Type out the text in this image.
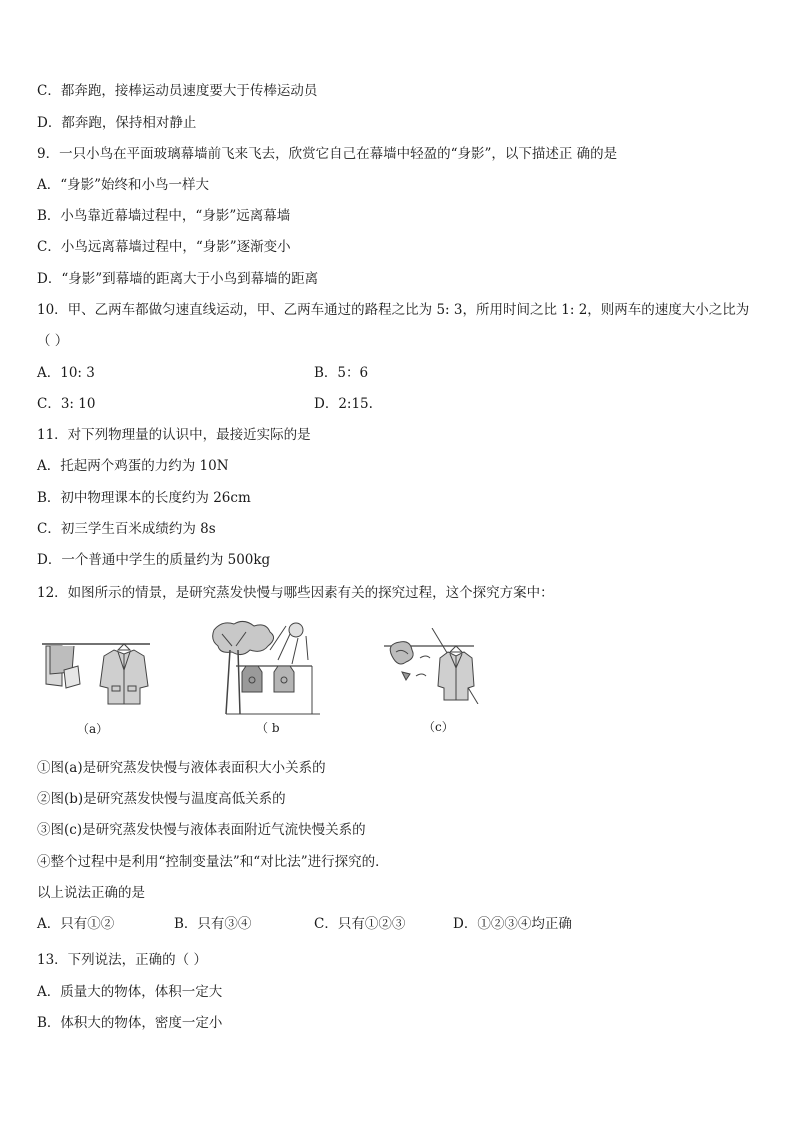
C．都奔跑，接棒运动员速度要大于传棒运动员
D．都奔跑，保持相对静止
9．一只小鸟在平面玻璃幕墙前飞来飞去，欣赏它自己在幕墙中轻盈的“身影”，以下描述正 确的是
A．“身影”始终和小鸟一样大
B．小鸟靠近幕墙过程中，“身影”远离幕墙
C．小鸟远离幕墙过程中，“身影”逐渐变小
D．“身影”到幕墙的距离大于小鸟到幕墙的距离
10．甲、乙两车都做匀速直线运动，甲、乙两车通过的路程之比为 5: 3，所用时间之比 1: 2，则两车的速度大小之比为
（ ）
A．10: 3	B．5：6
C．3: 10	D．2:15.
11．对下列物理量的认识中，最接近实际的是
A．托起两个鸡蛋的力约为 10N
B．初中物理课本的长度约为 26cm
C．初三学生百米成绩约为 8s
D．一个普通中学生的质量约为 500kg
12．如图所示的情景，是研究蒸发快慢与哪些因素有关的探究过程，这个探究方案中：
（a）	（ b	（c）
①图(a)是研究蒸发快慢与液体表面积大小关系的
②图(b)是研究蒸发快慢与温度高低关系的
③图(c)是研究蒸发快慢与液体表面附近气流快慢关系的
④整个过程中是利用“控制变量法”和“对比法”进行探究的．
以上说法正确的是
A．只有①②	B．只有③④	C．只有①②③	D．①②③④均正确
13．下列说法，正确的（ ）
A．质量大的物体，体积一定大
B．体积大的物体，密度一定小
